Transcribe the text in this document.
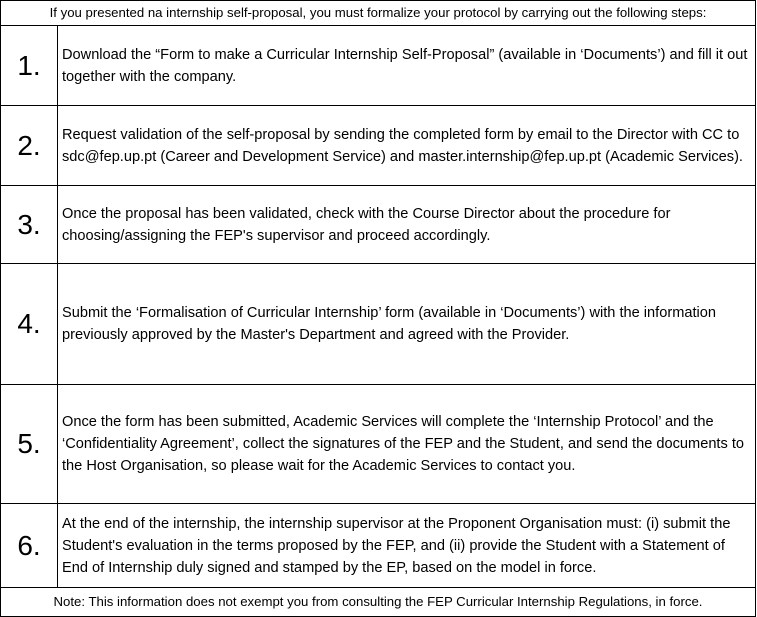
If you presented na internship self-proposal, you must formalize your protocol by carrying out the following steps:	
1.	Download the “Form to make a Curricular Internship Self-Proposal” (available in ‘Documents’) and fill it out together with the company.
2.	Request validation of the self-proposal by sending the completed form by email to the Director with CC to sdc@fep.up.pt (Career and Development Service) and master.internship@fep.up.pt (Academic Services).
3.	Once the proposal has been validated, check with the Course Director about the procedure for choosing/assigning the FEP's supervisor and proceed accordingly.
4.	Submit the ‘Formalisation of Curricular Internship’ form (available in ‘Documents’) with the information previously approved by the Master's Department and agreed with the Provider.
5.	Once the form has been submitted, Academic Services will complete the ‘Internship Protocol’ and the ‘Confidentiality Agreement’, collect the signatures of the FEP and the Student, and send the documents to the Host Organisation, so please wait for the Academic Services to contact you.
6.	At the end of the internship, the internship supervisor at the Proponent Organisation must: (i) submit the Student's evaluation in the terms proposed by the FEP, and (ii) provide the Student with a Statement of End of Internship duly signed and stamped by the EP, based on the model in force.
Note: This information does not exempt you from consulting the FEP Curricular Internship Regulations, in force.	
